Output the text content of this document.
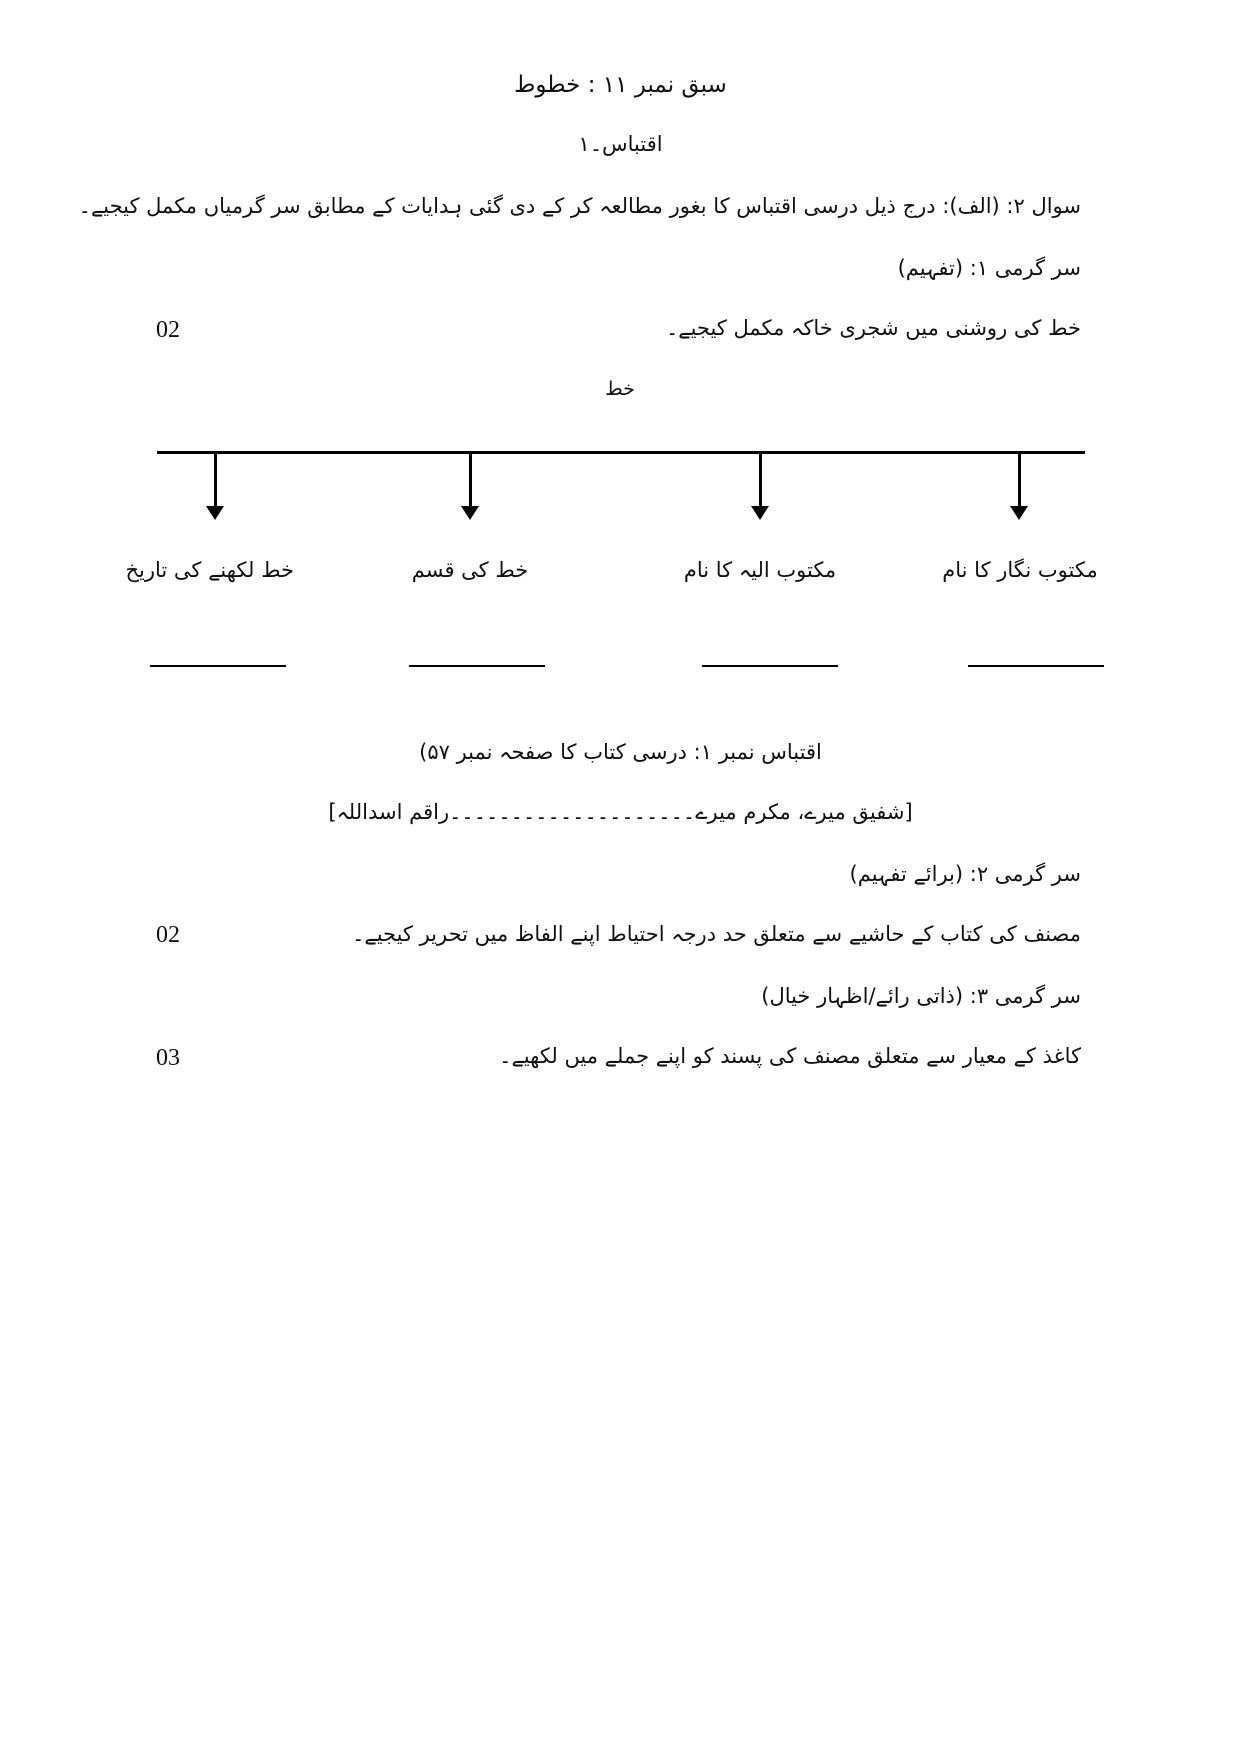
سبق نمبر ۱۱ : خطوط
اقتباس۔۱
سوال ۲: (الف): درج ذیل درسی اقتباس کا بغور مطالعہ کر کے دی گئی ہدایات کے مطابق سر گرمیاں مکمل کیجیے۔
سر گرمی ۱: (تفہیم)
خط کی روشنی میں شجری خاکہ مکمل کیجیے۔
02
خط
مکتوب نگار کا نام
مکتوب الیہ کا نام
خط کی قسم
خط لکھنے کی تاریخ
اقتباس نمبر ۱: درسی کتاب کا صفحہ نمبر ۵۷)
[شفیق میرے، مکرم میرے۔۔۔۔۔۔۔۔۔۔۔۔۔۔۔۔۔۔۔۔راقم اسداللہ]
سر گرمی ۲: (برائے تفہیم)
مصنف کی کتاب کے حاشیے سے متعلق حد درجہ احتیاط اپنے الفاظ میں تحریر کیجیے۔
02
سر گرمی ۳: (ذاتی رائے/اظہار خیال)
کاغذ کے معیار سے متعلق مصنف کی پسند کو اپنے جملے میں لکھیے۔
03
